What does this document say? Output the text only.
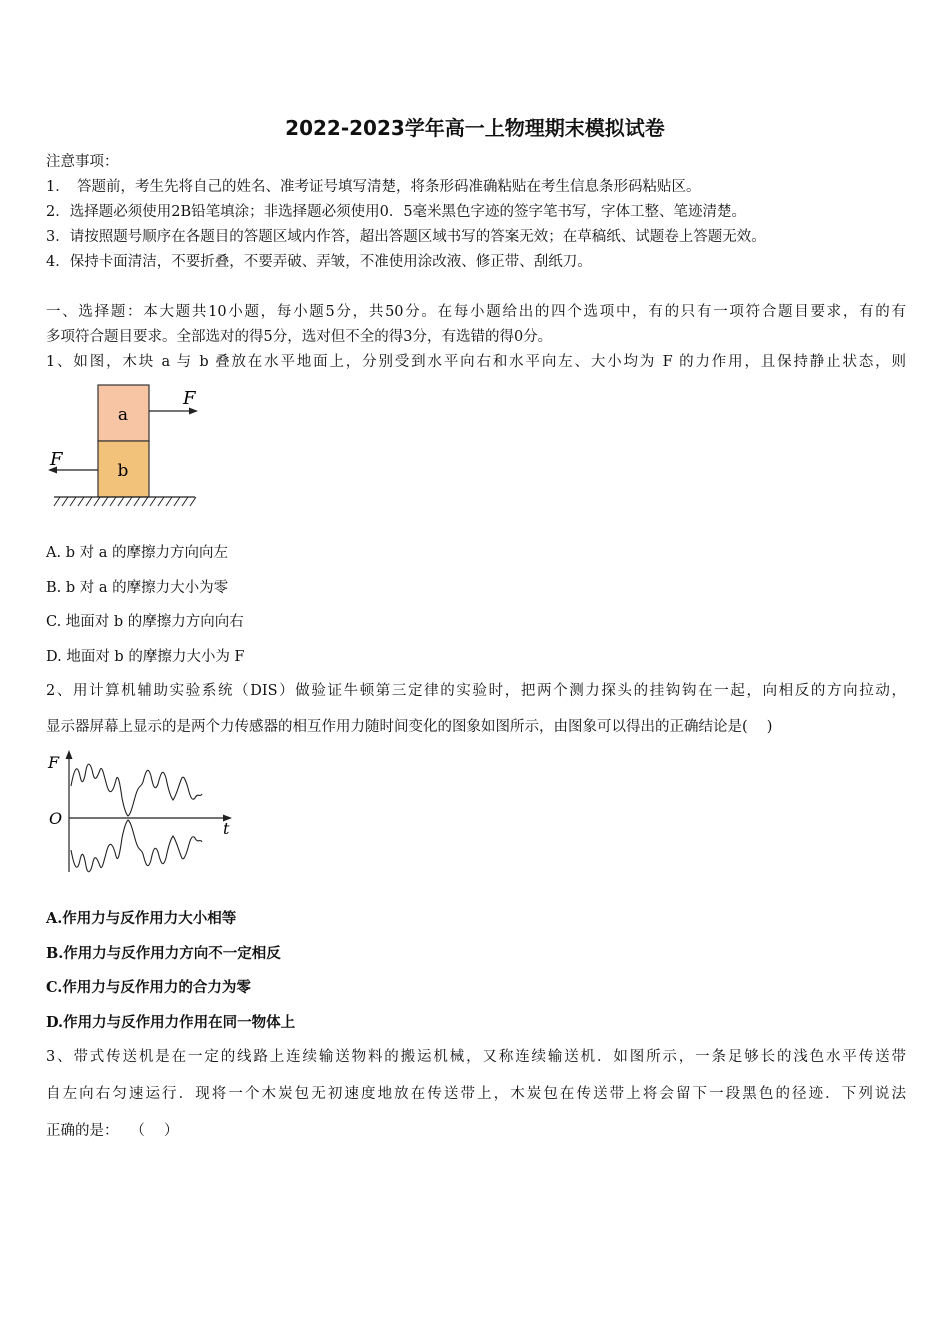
2022-2023学年高一上物理期末模拟试卷
注意事项：
1．　答题前，考生先将自己的姓名、准考证号填写清楚，将条形码准确粘贴在考生信息条形码粘贴区。
2．选择题必须使用2B铅笔填涂；非选择题必须使用0．5毫米黑色字迹的签字笔书写，字体工整、笔迹清楚。
3．请按照题号顺序在各题目的答题区域内作答，超出答题区域书写的答案无效；在草稿纸、试题卷上答题无效。
4．保持卡面清洁，不要折叠，不要弄破、弄皱，不准使用涂改液、修正带、刮纸刀。
一、选择题：本大题共10小题，每小题5分，共50分。在每小题给出的四个选项中，有的只有一项符合题目要求，有的有
多项符合题目要求。全部选对的得5分，选对但不全的得3分，有选错的得0分。
1、如图，木块 a 与 b 叠放在水平地面上，分别受到水平向右和水平向左、大小均为 F 的力作用，且保持静止状态，则
a
b
F
F
A. b 对 a 的摩擦力方向向左
B. b 对 a 的摩擦力大小为零
C. 地面对 b 的摩擦力方向向右
D. 地面对 b 的摩擦力大小为 F
2、用计算机辅助实验系统（DIS）做验证牛顿第三定律的实验时，把两个测力探头的挂钩钩在一起，向相反的方向拉动，
显示器屏幕上显示的是两个力传感器的相互作用力随时间变化的图象如图所示，由图象可以得出的正确结论是(　 )
F
O
t
A.作用力与反作用力大小相等
B.作用力与反作用力方向不一定相反
C.作用力与反作用力的合力为零
D.作用力与反作用力作用在同一物体上
3、带式传送机是在一定的线路上连续输送物料的搬运机械，又称连续输送机．如图所示，一条足够长的浅色水平传送带
自左向右匀速运行．现将一个木炭包无初速度地放在传送带上，木炭包在传送带上将会留下一段黑色的径迹．下列说法
正确的是：　 （　 ）
